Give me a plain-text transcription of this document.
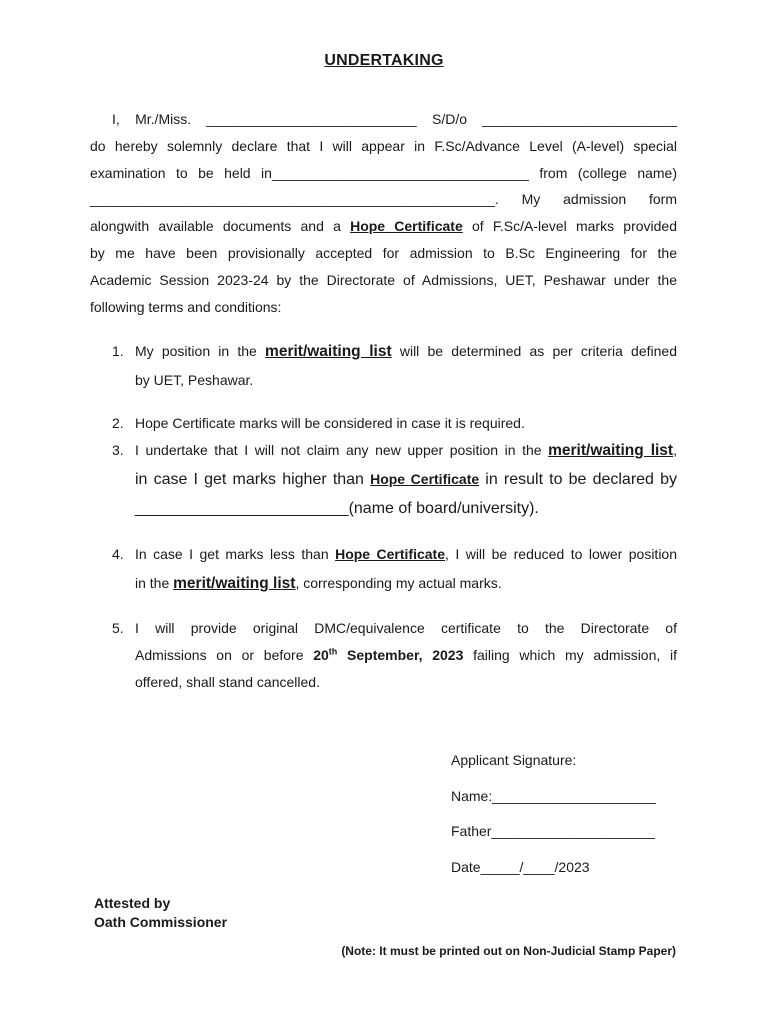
UNDERTAKING
I, Mr./Miss. ___________________________ S/D/o _________________________
do hereby solemnly declare that I will appear in F.Sc/Advance Level (A-level) special
examination to be held in_________________________________ from (college name)
____________________________________________________. My admission form
alongwith available documents and a Hope Certificate of F.Sc/A-level marks provided
by me have been provisionally accepted for admission to B.Sc Engineering for the
Academic Session 2023-24 by the Directorate of Admissions, UET, Peshawar under the
following terms and conditions:
1. My position in the merit/waiting list will be determined as per criteria defined
by UET, Peshawar.
2. Hope Certificate marks will be considered in case it is required.
3. I undertake that I will not claim any new upper position in the merit/waiting list,
in case I get marks higher than Hope Certificate in result to be declared by
________________________(name of board/university).
4. In case I get marks less than Hope Certificate, I will be reduced to lower position
in the merit/waiting list, corresponding my actual marks.
5. I will provide original DMC/equivalence certificate to the Directorate of
Admissions on or before 20th September, 2023 failing which my admission, if
offered, shall stand cancelled.
Applicant Signature:
Name:_____________________
Father_____________________
Date_____/____/2023
Attested by
Oath Commissioner
(Note: It must be printed out on Non-Judicial Stamp Paper)
